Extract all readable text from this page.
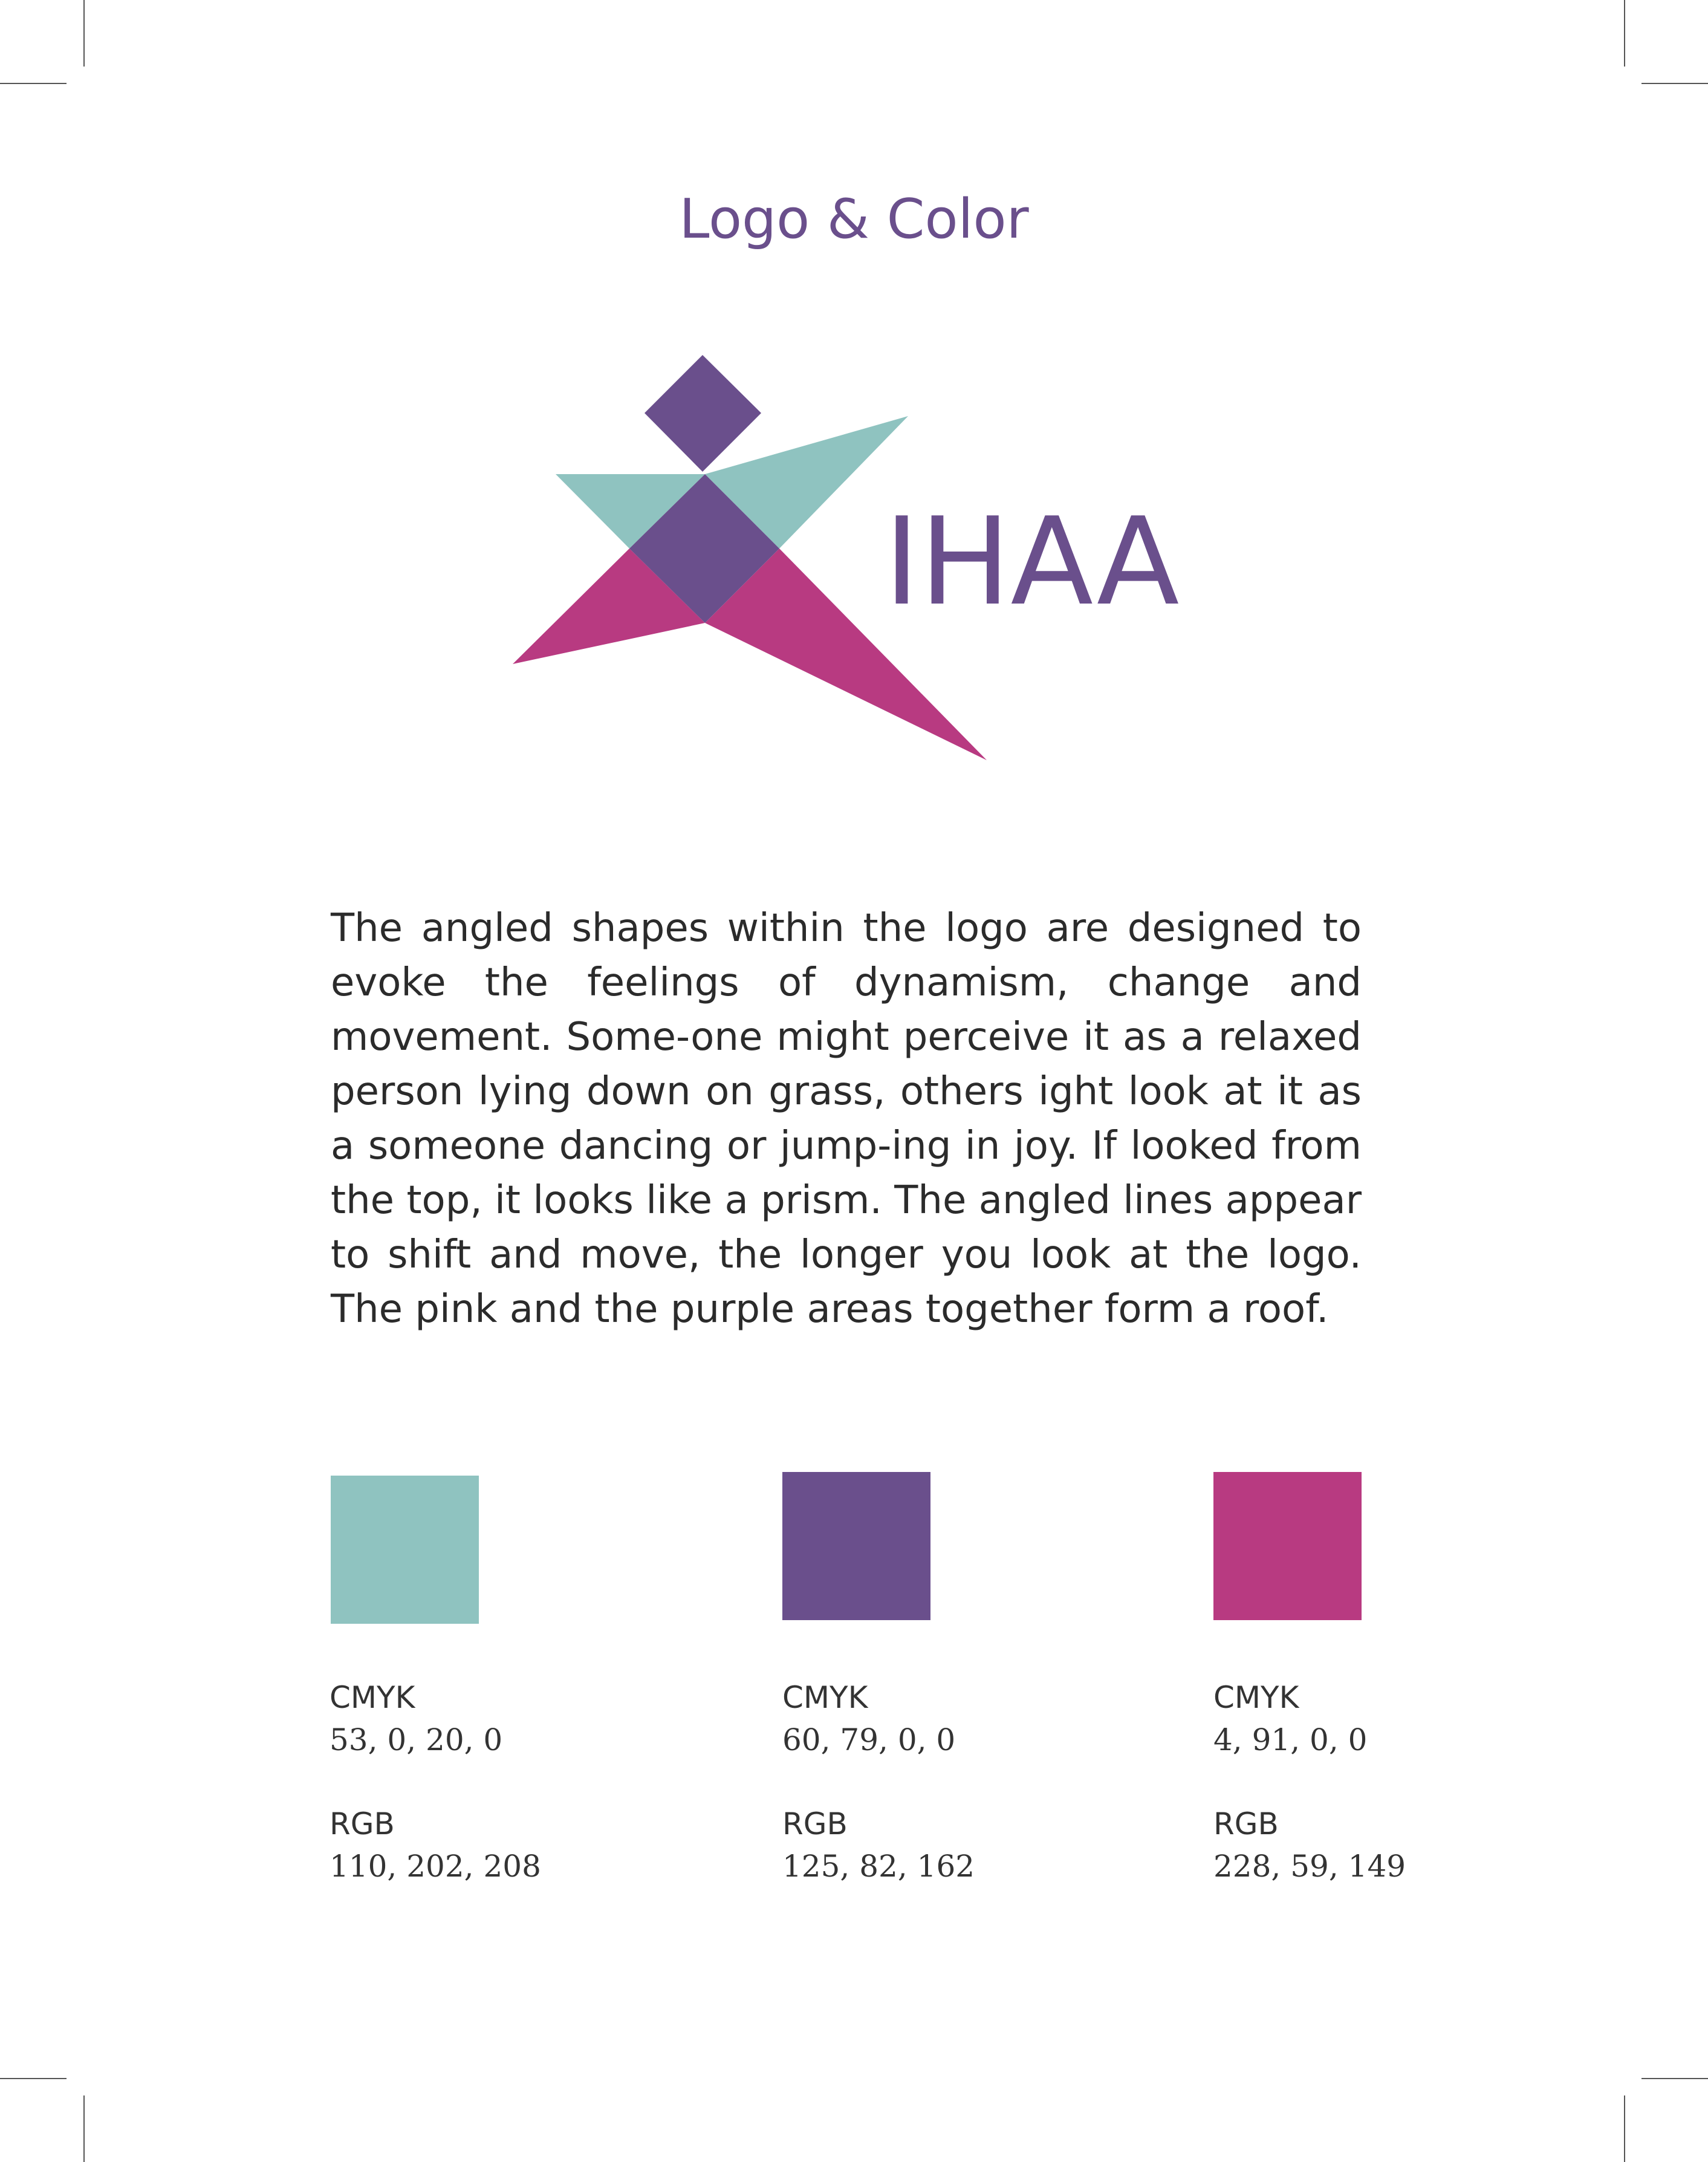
Logo & Color
IHAA

The angled shapes within the logo are designed to evoke the feelings of dynamism, change and movement. Some-one might perceive it as a relaxed person lying down on grass, others ight look at it as a someone dancing or jump-ing in joy. If looked from the top, it looks like a prism. The angled lines appear to shift and move, the longer you look at the logo. The pink and the purple areas together form a roof.

CMYK
53, 0, 20, 0
RGB
110, 202, 208
CMYK
60, 79, 0, 0
RGB
125, 82, 162
CMYK
4, 91, 0, 0
RGB
228, 59, 149
